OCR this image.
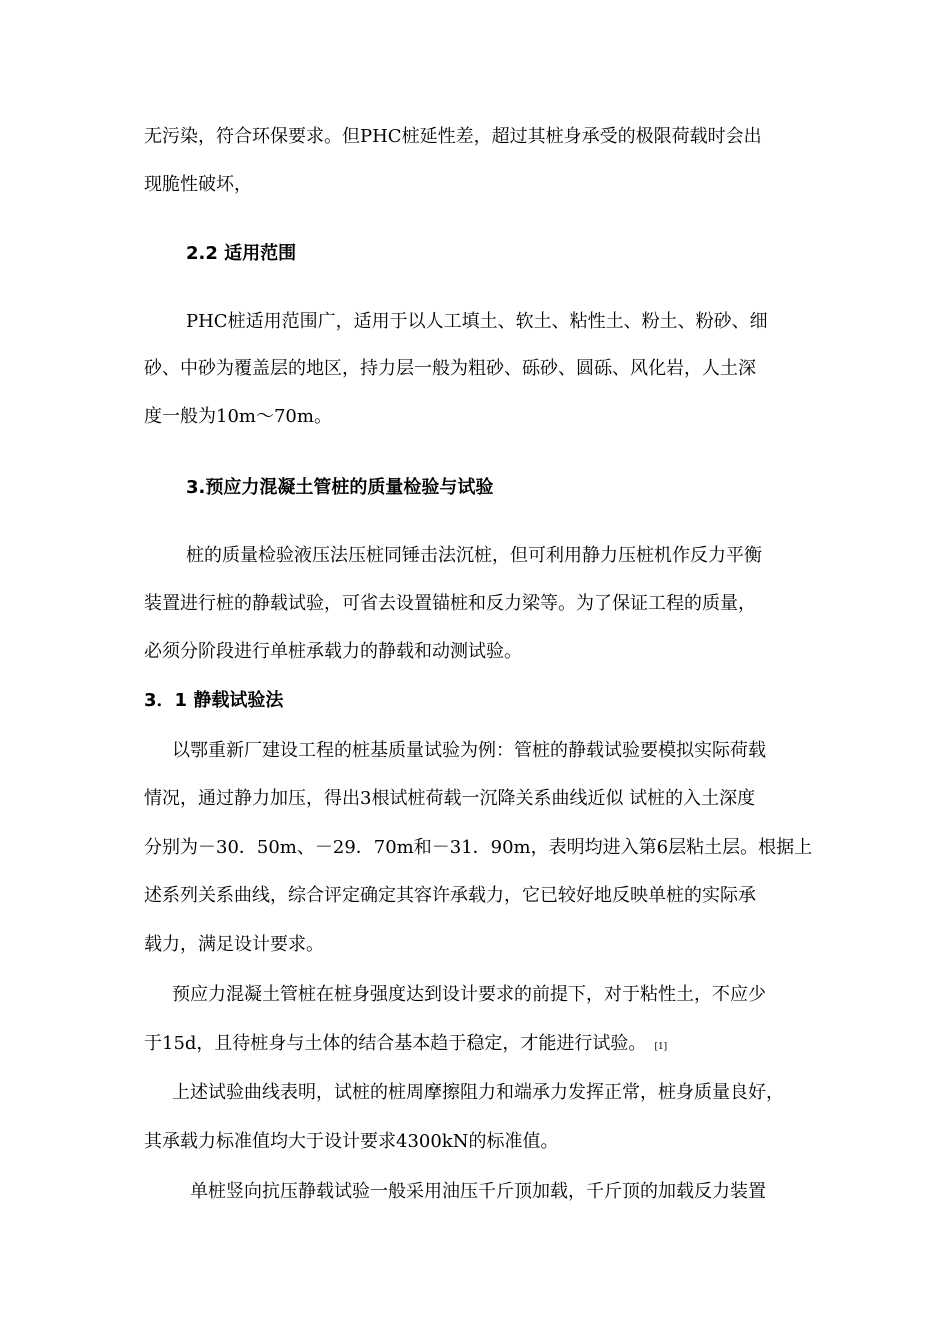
无污染，符合环保要求。但PHC桩延性差，超过其桩身承受的极限荷载时会出
现脆性破坏，
2.2 适用范围
PHC桩适用范围广，适用于以人工填土、软土、粘性土、粉土、粉砂、细
砂、中砂为覆盖层的地区，持力层一般为粗砂、砾砂、圆砾、风化岩，人土深
度一般为10m～70m。
3.预应力混凝土管桩的质量检验与试验
桩的质量检验液压法压桩同锤击法沉桩，但可利用静力压桩机作反力平衡
装置进行桩的静载试验，可省去设置锚桩和反力梁等。为了保证工程的质量，
必须分阶段进行单桩承载力的静载和动测试验。
3．1 静载试验法
以鄂重新厂建设工程的桩基质量试验为例：管桩的静载试验要模拟实际荷载
情况，通过静力加压，得出3根试桩荷载一沉降关系曲线近似 试桩的入土深度
分别为－30．50m、－29．70m和－31．90m，表明均进入第6层粘土层。根据上
述系列关系曲线，综合评定确定其容许承载力，它已较好地反映单桩的实际承
载力，满足设计要求。
预应力混凝土管桩在桩身强度达到设计要求的前提下，对于粘性土，不应少
于15d，且待桩身与土体的结合基本趋于稳定，才能进行试验。 [1]
上述试验曲线表明，试桩的桩周摩擦阻力和端承力发挥正常，桩身质量良好，
其承载力标准值均大于设计要求4300kN的标准值。
单桩竖向抗压静载试验一般采用油压千斤顶加载，千斤顶的加载反力装置
